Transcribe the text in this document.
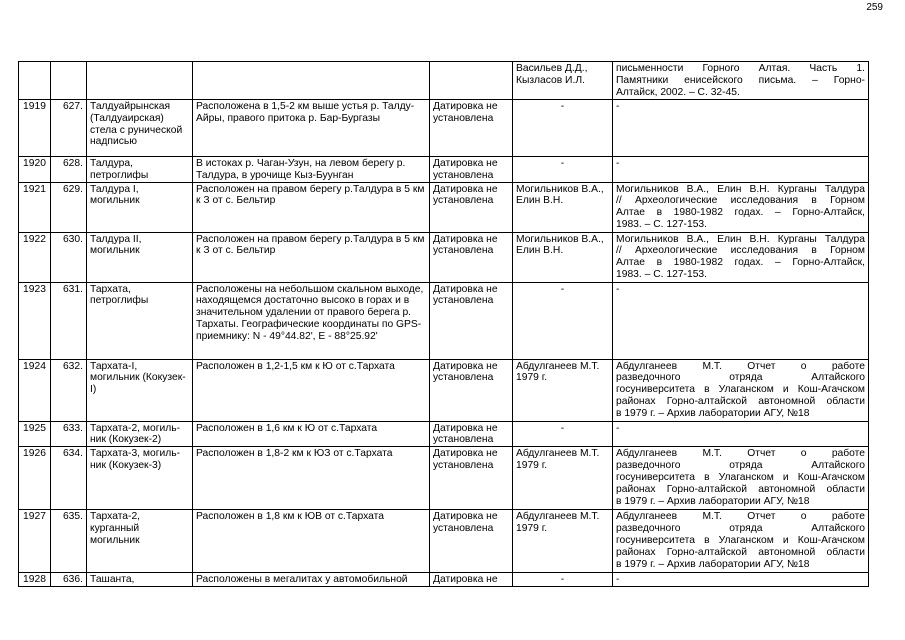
259
					Васильев Д.Д., Кызласов И.Л.	письменности Горного Алтая. Часть 1.
Памятники енисейского письма. – Горно-
Алтайск, 2002. – С. 32-45.

1919	627.	Талдуайрынская (Талдуаирская) стела с рунической надписью	Расположена в 1,5-2 км выше устья р. Талду-Айры, правого притока р. Бар-Бургазы	Датировка не установлена	-	-
1920	628.	Талдура, петроглифы	В истоках р. Чаган-Узун, на левом берегу р. Талдура, в урочище Кыз-Буунган	Датировка не установлена	-	-
1921	629.	Талдура I, могильник	Расположен на правом берегу р.Талдура в 5 км к З от с. Бельтир	Датировка не установлена	Могильников В.А., Елин В.Н.	Могильников В.А., Елин В.Н. Курганы Талдура
// Археологические исследования в Горном
Алтае в 1980-1982 годах. – Горно-Алтайск,
1983. – С. 127-153.

1922	630.	Талдура II, могильник	Расположен на правом берегу р.Талдура в 5 км к З от с. Бельтир	Датировка не установлена	Могильников В.А., Елин В.Н.	Могильников В.А., Елин В.Н. Курганы Талдура
// Археологические исследования в Горном
Алтае в 1980-1982 годах. – Горно-Алтайск,
1983. – С. 127-153.

1923	631.	Тархата, петроглифы	Расположены на небольшом скальном выходе, находящемся достаточно высоко в горах и в значительном удалении от правого берега р. Тархаты. Географические координаты по GPS-приемнику: N - 49°44.82', E - 88°25.92'	Датировка не установлена	-	-
1924	632.	Тархата-I, могильник (Кокузек- I)	Расположен в 1,2-1,5 км к Ю от с.Тархата	Датировка не установлена	Абдулганеев М.Т. 1979 г.	Абдулганеев М.Т. Отчет о работе
разведочного отряда Алтайского
госуниверситета в Улаганском и Кош-Агачском
районах Горно-алтайской автономной области
в 1979 г. – Архив лаборатории АГУ, №18

1925	633.	Тархата-2, могиль-ник (Кокузек-2)	Расположен в 1,6 км к Ю от с.Тархата	Датировка не установлена	-	-
1926	634.	Тархата-3, могиль-ник (Кокузек-3)	Расположен в 1,8-2 км к ЮЗ от с.Тархата	Датировка не установлена	Абдулганеев М.Т. 1979 г.	Абдулганеев М.Т. Отчет о работе
разведочного отряда Алтайского
госуниверситета в Улаганском и Кош-Агачском
районах Горно-алтайской автономной области
в 1979 г. – Архив лаборатории АГУ, №18

1927	635.	Тархата-2, курганный могильник	Расположен в 1,8 км к ЮВ от с.Тархата	Датировка не установлена	Абдулганеев М.Т. 1979 г.	Абдулганеев М.Т. Отчет о работе
разведочного отряда Алтайского
госуниверситета в Улаганском и Кош-Агачском
районах Горно-алтайской автономной области
в 1979 г. – Архив лаборатории АГУ, №18

1928	636.	Ташанта,	Расположены в мегалитах у автомобильной	Датировка не	-	-
